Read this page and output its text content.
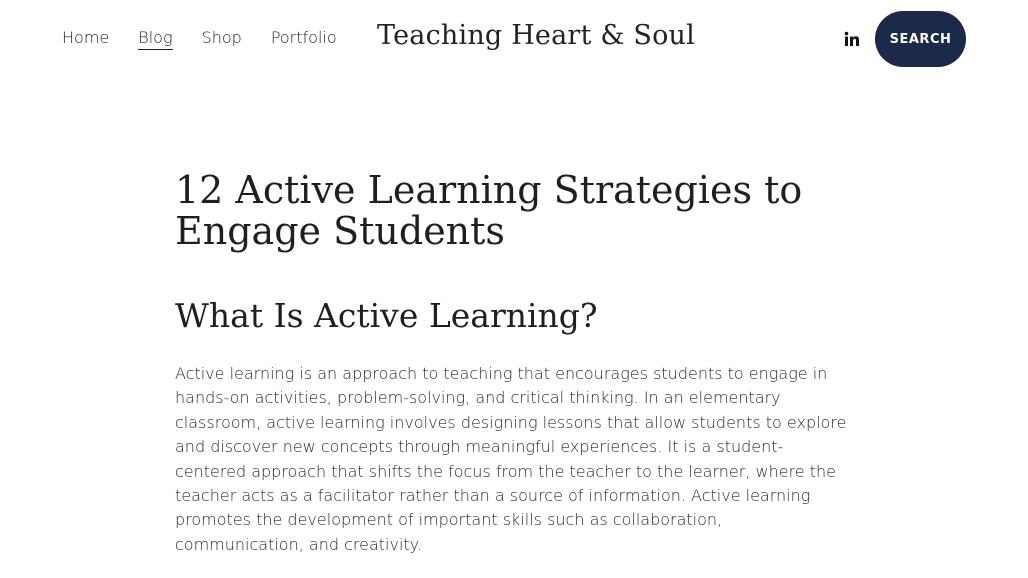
Home Blog Shop Portfolio Teaching Heart & Soul	SEARCH
12 Active Learning Strategies to Engage Students
What Is Active Learning?

Active learning is an approach to teaching that encourages students to engage in hands-on activities, problem-solving, and critical thinking. In an elementary classroom, active learning involves designing lessons that allow students to explore and discover new concepts through meaningful experiences. It is a student-centered approach that shifts the focus from the teacher to the learner, where the teacher acts as a facilitator rather than a source of information. Active learning promotes the development of important skills such as collaboration, communication, and creativity.
